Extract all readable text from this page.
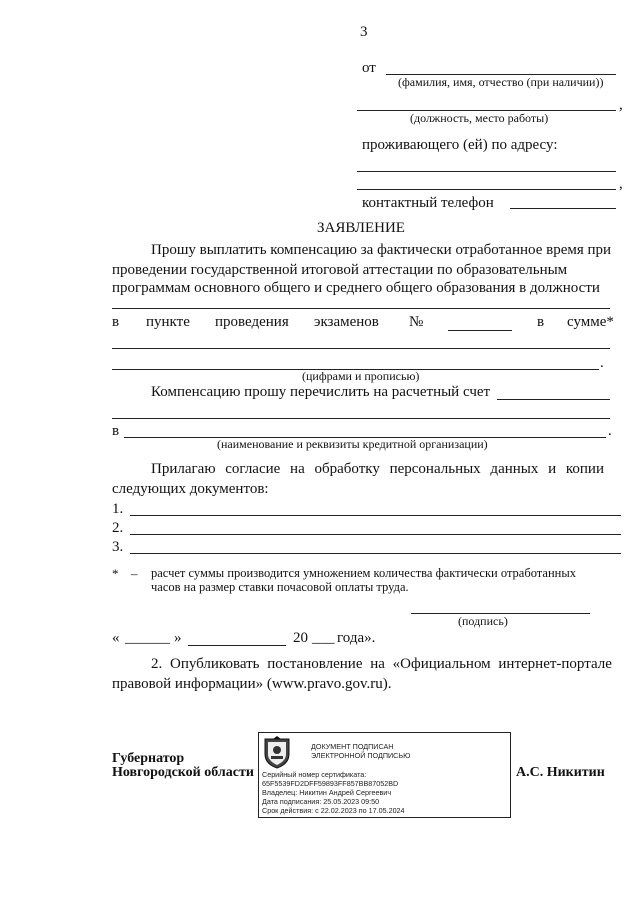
3
от
(фамилия, имя, отчество (при наличии))
,
(должность, место работы)
проживающего (ей) по адресу:
,
контактный телефон
ЗАЯВЛЕНИЕ
Прошу выплатить компенсацию за фактически отработанное время при
проведении государственной итоговой аттестации по образовательным
программам основного общего и среднего общего образования в должности
в пункте проведения экзаменов №	в сумме*
.
(цифрами и прописью)
Компенсацию прошу перечислить на расчетный счет
в	.
(наименование и реквизиты кредитной организации)
Прилагаю согласие на обработку персональных данных и копии
следующих документов:
1.
2.
3.
* – расчет суммы производится умножением количества фактически отработанных
часов на размер ставки почасовой оплаты труда.
(подпись)
« ______ »	20 ___ года».
2. Опубликовать постановление на «Официальном интернет-портале
правовой информации» (www.pravo.gov.ru).
Губернатор
Новгородской области	А.С. Никитин
ДОКУМЕНТ ПОДПИСАН
ЭЛЕКТРОННОЙ ПОДПИСЬЮ
Серийный номер сертификата:
65F5539FD2DFF59893FF857BB87052BD
Владелец: Никитин Андрей Сергеевич
Дата подписания: 25.05.2023 09:50
Срок действия: с 22.02.2023 по 17.05.2024
